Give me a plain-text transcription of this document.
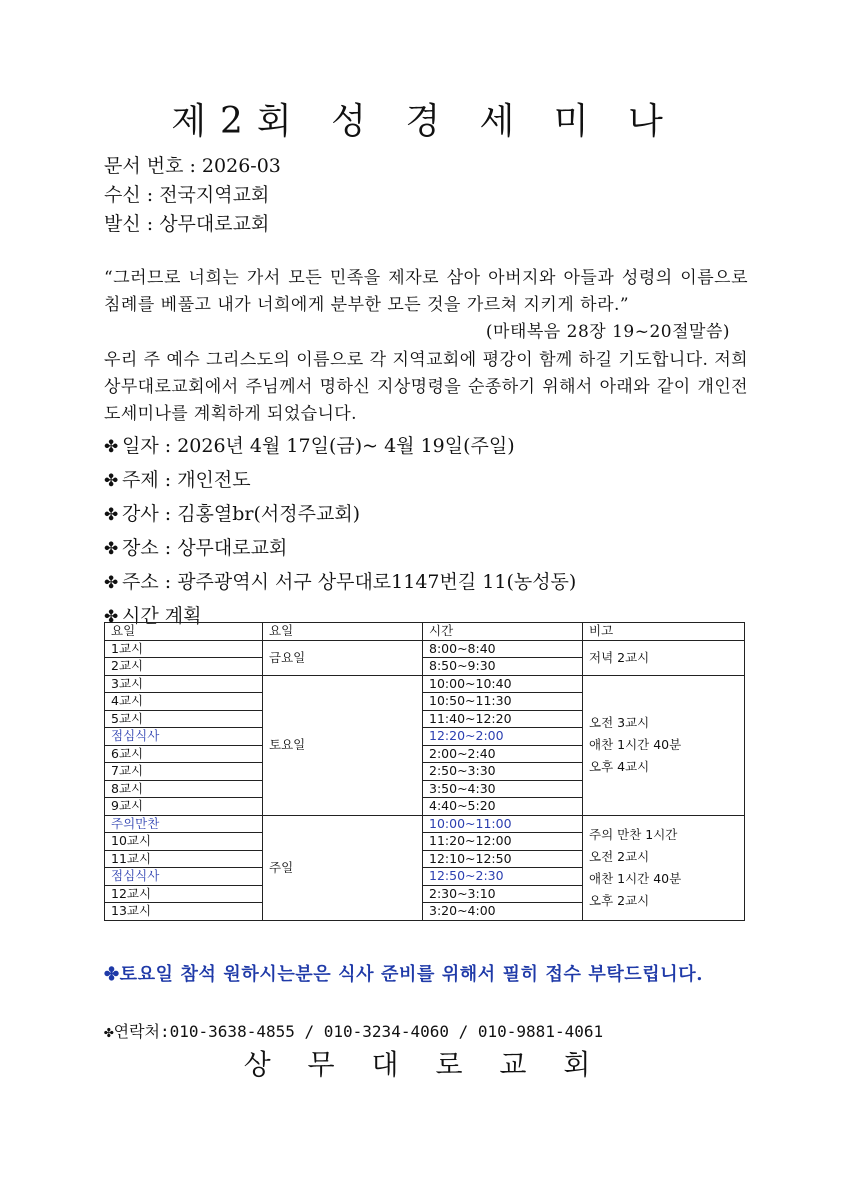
제2회 성 경 세 미 나
문서 번호 : 2026-03
수신 : 전국지역교회
발신 : 상무대로교회
“그러므로 너희는 가서 모든 민족을 제자로 삼아 아버지와 아들과 성령의 이름으로 침례를 베풀고 내가 너희에게 분부한 모든 것을 가르쳐 지키게 하라.”
(마태복음 28장 19~20절말씀)
우리 주 예수 그리스도의 이름으로 각 지역교회에 평강이 함께 하길 기도합니다. 저희 상무대로교회에서 주님께서 명하신 지상명령을 순종하기 위해서 아래와 같이 개인전도세미나를 계획하게 되었습니다.
✤ 일자 : 2026년 4월 17일(금)~ 4월 19일(주일)
✤ 주제 : 개인전도
✤ 강사 : 김홍열br(서정주교회)
✤ 장소 : 상무대로교회
✤ 주소 : 광주광역시 서구 상무대로1147번길 11(농성동)
✤ 시간 계획
요일	요일	시간	비고
1교시	금요일	8:00~8:40	저녁 2교시

2교시		8:50~9:30	
3교시	토요일	10:00~10:40	오전 3교시
애찬 1시간 40분
오후 4교시

4교시		10:50~11:30	
5교시		11:40~12:20	
점심식사		12:20~2:00	
6교시		2:00~2:40	
7교시		2:50~3:30	
8교시		3:50~4:30	
9교시		4:40~5:20	
주의만찬	주일	10:00~11:00	주의 만찬 1시간
오전 2교시
애찬 1시간 40분
오후 2교시

10교시		11:20~12:00	
11교시		12:10~12:50	
점심식사		12:50~2:30	
12교시		2:30~3:10	
13교시		3:20~4:00	
✤토요일 참석 원하시는분은 식사 준비를 위해서 필히 접수 부탁드립니다.
✤연락처:010-3638-4855 / 010-3234-4060 / 010-9881-4061
상 무 대 로 교 회
